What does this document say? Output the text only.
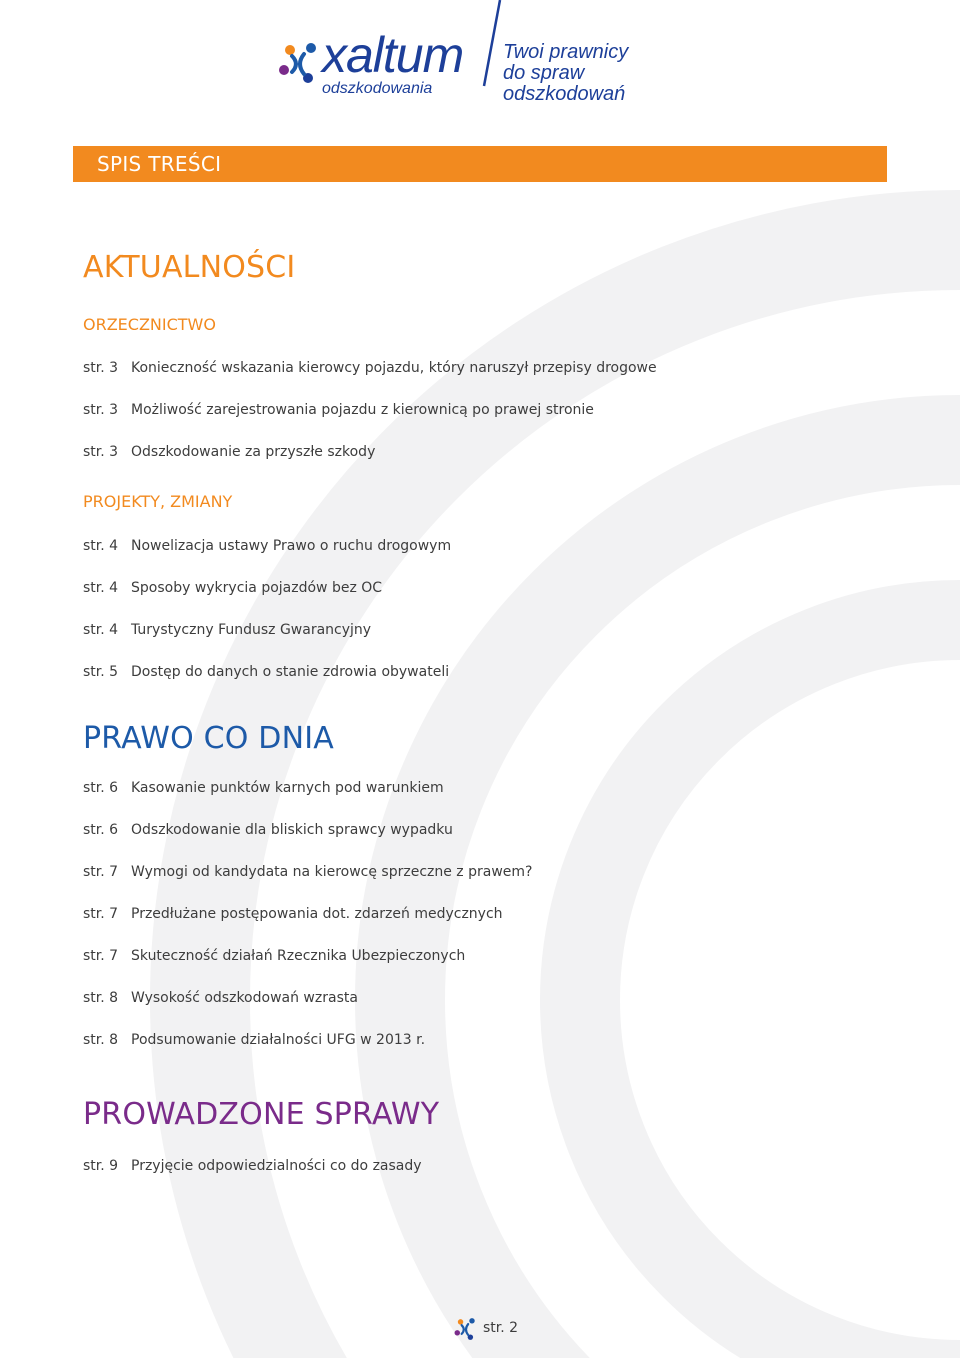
xaltum
odszkodowania
Twoi prawnicy
do spraw odszkodowań
SPIS TREŚCI
AKTUALNOŚCI
ORZECZNICTWO
str. 3 Konieczność wskazania kierowcy pojazdu, który naruszył przepisy drogowe
str. 3 Możliwość zarejestrowania pojazdu z kierownicą po prawej stronie
str. 3 Odszkodowanie za przyszłe szkody
PROJEKTY, ZMIANY
str. 4 Nowelizacja ustawy Prawo o ruchu drogowym
str. 4 Sposoby wykrycia pojazdów bez OC
str. 4 Turystyczny Fundusz Gwarancyjny
str. 5 Dostęp do danych o stanie zdrowia obywateli
PRAWO CO DNIA
str. 6 Kasowanie punktów karnych pod warunkiem
str. 6 Odszkodowanie dla bliskich sprawcy wypadku
str. 7 Wymogi od kandydata na kierowcę sprzeczne z prawem?
str. 7 Przedłużane postępowania dot. zdarzeń medycznych
str. 7 Skuteczność działań Rzecznika Ubezpieczonych
str. 8 Wysokość odszkodowań wzrasta
str. 8 Podsumowanie działalności UFG w 2013 r.
PROWADZONE SPRAWY
str. 9 Przyjęcie odpowiedzialności co do zasady
str. 2
